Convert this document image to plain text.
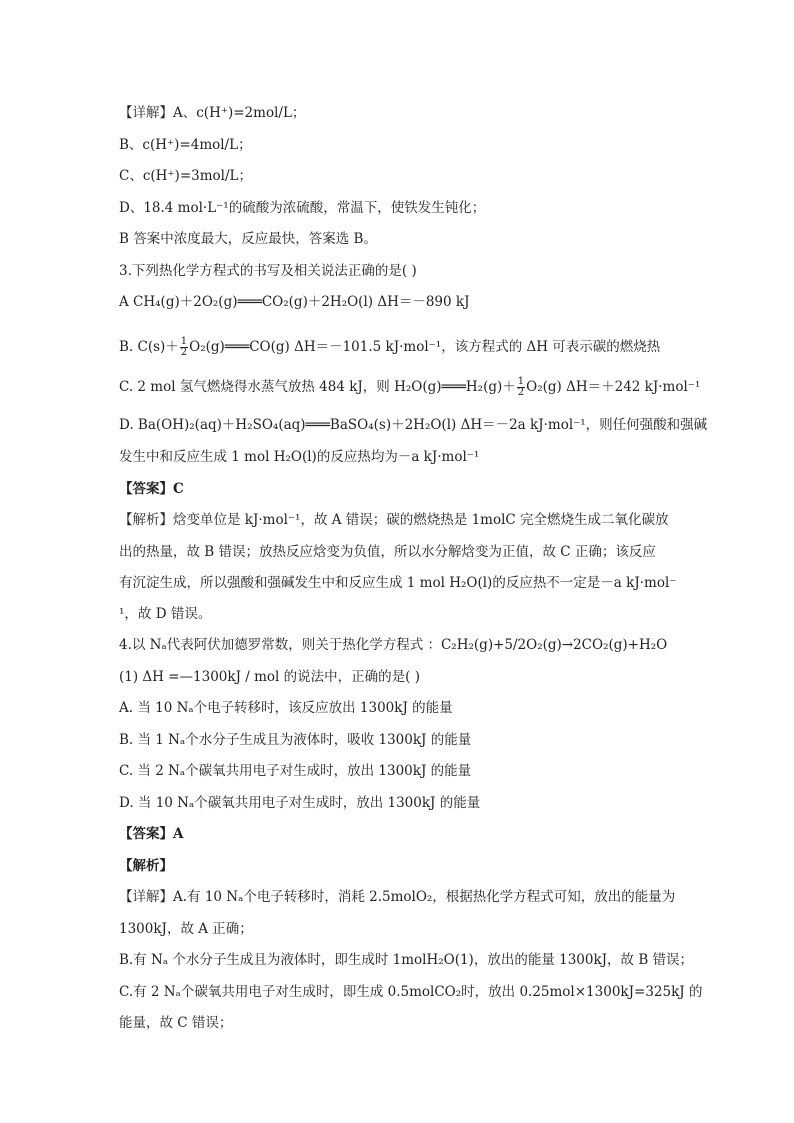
【详解】A、c(H⁺)=2mol/L；
B、c(H⁺)=4mol/L；
C、c(H⁺)=3mol/L；
D、18.4 mol·L⁻¹的硫酸为浓硫酸，常温下，使铁发生钝化；
B 答案中浓度最大，反应最快，答案选 B。
3.下列热化学方程式的书写及相关说法正确的是( )
A CH₄(g)＋2O₂(g)═══CO₂(g)＋2H₂O(l) ΔH＝－890 kJ
D. Ba(OH)₂(aq)＋H₂SO₄(aq)═══BaSO₄(s)＋2H₂O(l) ΔH＝－2a kJ·mol⁻¹，则任何强酸和强碱
发生中和反应生成 1 mol H₂O(l)的反应热均为－a kJ·mol⁻¹
【答案】C
【解析】焓变单位是 kJ·mol⁻¹，故 A 错误；碳的燃烧热是 1molC 完全燃烧生成二氧化碳放
出的热量，故 B 错误；放热反应焓变为负值，所以水分解焓变为正值，故 C 正确；该反应
有沉淀生成，所以强酸和强碱发生中和反应生成 1 mol H₂O(l)的反应热不一定是－a kJ·mol⁻
¹，故 D 错误。
4.以 Nₐ代表阿伏加德罗常数，则关于热化学方程式 ：C₂H₂(g)+5/2O₂(g)→2CO₂(g)+H₂O
(1) ΔH =—1300kJ / mol 的说法中，正确的是( )
A. 当 10 Nₐ个电子转移时，该反应放出 1300kJ 的能量
B. 当 1 Nₐ个水分子生成且为液体时，吸收 1300kJ 的能量
C. 当 2 Nₐ个碳氧共用电子对生成时，放出 1300kJ 的能量
D. 当 10 Nₐ个碳氧共用电子对生成时，放出 1300kJ 的能量
【答案】A
【解析】
【详解】A.有 10 Nₐ个电子转移时，消耗 2.5molO₂，根据热化学方程式可知，放出的能量为
1300kJ，故 A 正确；
B.有 Nₐ 个水分子生成且为液体时，即生成时 1molH₂O(1)，放出的能量 1300kJ，故 B 错误；
C.有 2 Nₐ个碳氧共用电子对生成时，即生成 0.5molCO₂时，放出 0.25mol×1300kJ=325kJ 的
能量，故 C 错误；
B. $C(s)+ \frac{1}{2}$ O₂(g)═══CO(g) ΔH＝－101.5 kJ·mol⁻¹，该方程式的 ΔH 可表示碳的燃烧热
C. 2 mol 氢气燃烧得水蒸气放热 484 kJ，则 H₂O(g)═══H₂(g)＋ $\frac{1}{2} O_2(g)$ ΔH＝＋242 kJ·mol⁻¹
